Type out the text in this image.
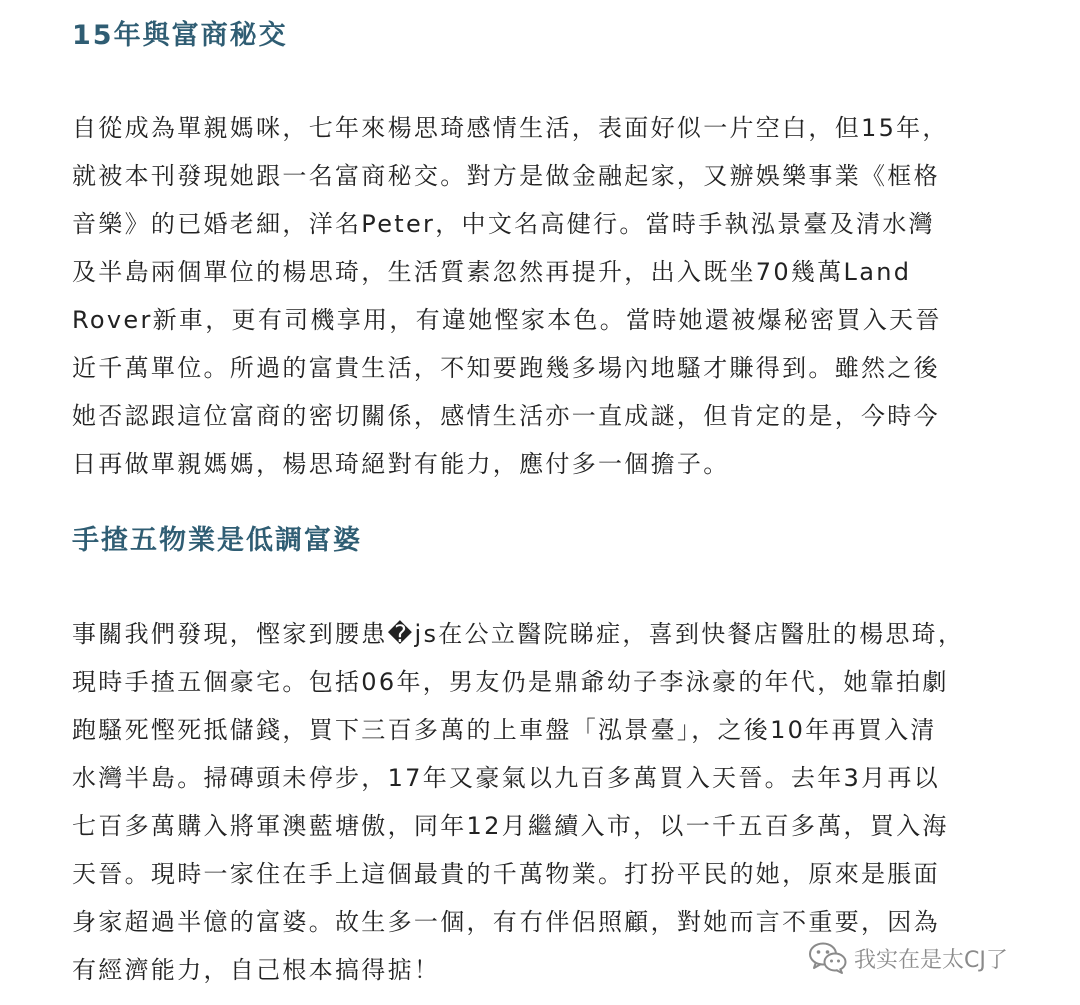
15年與富商秘交
自從成為單親媽咪，七年來楊思琦感情生活，表面好似一片空白，但15年，
就被本刊發現她跟一名富商秘交。對方是做金融起家，又辦娛樂事業《框格
音樂》的已婚老細，洋名Peter，中文名高健行。當時手執泓景臺及清水灣
及半島兩個單位的楊思琦，生活質素忽然再提升，出入既坐70幾萬Land
Rover新車，更有司機享用，有違她慳家本色。當時她還被爆秘密買入天晉
近千萬單位。所過的富貴生活，不知要跑幾多場內地騷才賺得到。雖然之後
她否認跟這位富商的密切關係，感情生活亦一直成謎，但肯定的是，今時今
日再做單親媽媽，楊思琦絕對有能力，應付多一個擔子。
手揸五物業是低調富婆
事關我們發現，慳家到腰患�js在公立醫院睇症，喜到快餐店醫肚的楊思琦，
現時手揸五個豪宅。包括06年，男友仍是鼎爺幼子李泳豪的年代，她靠拍劇
跑騷死慳死抵儲錢，買下三百多萬的上車盤「泓景臺」，之後10年再買入清
水灣半島。掃磚頭未停步，17年又豪氣以九百多萬買入天晉。去年3月再以
七百多萬購入將軍澳藍塘傲，同年12月繼續入市，以一千五百多萬，買入海
天晉。現時一家住在手上這個最貴的千萬物業。打扮平民的她，原來是脹面
身家超過半億的富婆。故生多一個，有冇伴侶照顧，對她而言不重要，因為
有經濟能力，自己根本搞得掂！	我实在是太CJ了
